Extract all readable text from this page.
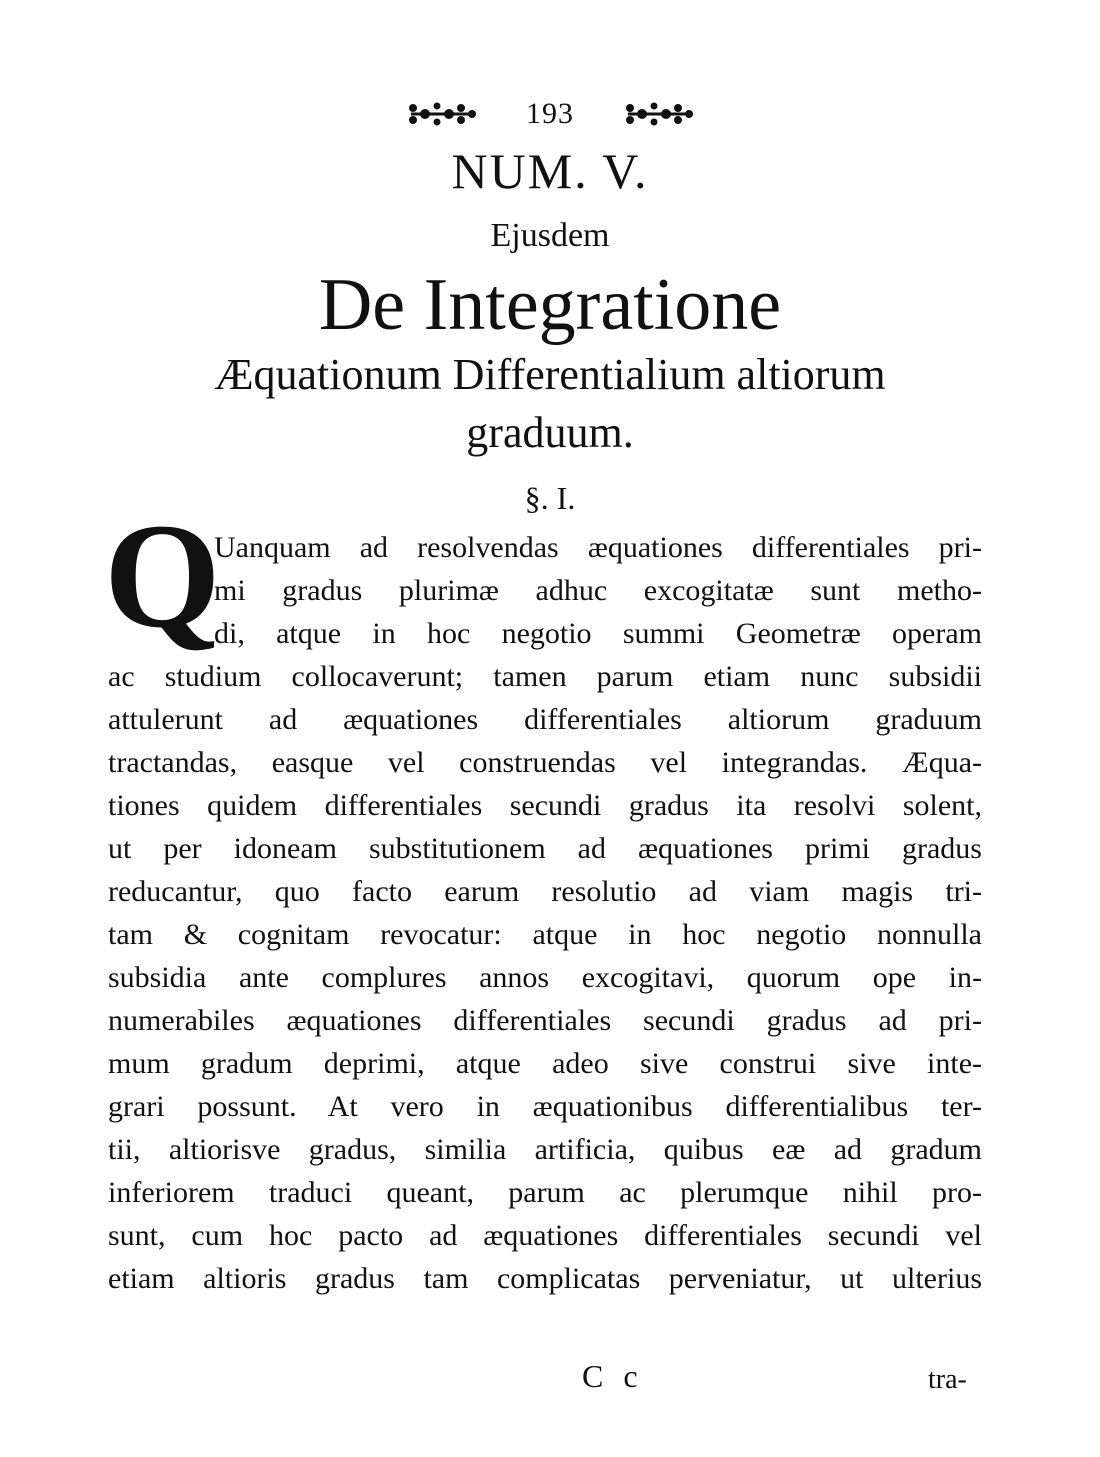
193
NUM. V.
Ejusdem
De Integratione
Æquationum Differentialium altiorum
graduum.
§. I.
Q
Uanquam ad resolvendas æquationes differentiales pri-
mi gradus plurimæ adhuc excogitatæ sunt metho-
di, atque in hoc negotio summi Geometræ operam
ac studium collocaverunt; tamen parum etiam nunc subsidii
attulerunt ad æquationes differentiales altiorum graduum
tractandas, easque vel construendas vel integrandas. Æqua-
tiones quidem differentiales secundi gradus ita resolvi solent,
ut per idoneam substitutionem ad æquationes primi gradus
reducantur, quo facto earum resolutio ad viam magis tri-
tam & cognitam revocatur: atque in hoc negotio nonnulla
subsidia ante complures annos excogitavi, quorum ope in-
numerabiles æquationes differentiales secundi gradus ad pri-
mum gradum deprimi, atque adeo sive construi sive inte-
grari possunt. At vero in æquationibus differentialibus ter-
tii, altiorisve gradus, similia artificia, quibus eæ ad gradum
inferiorem traduci queant, parum ac plerumque nihil pro-
sunt, cum hoc pacto ad æquationes differentiales secundi vel
etiam altioris gradus tam complicatas perveniatur, ut ulterius
C c	tra-
